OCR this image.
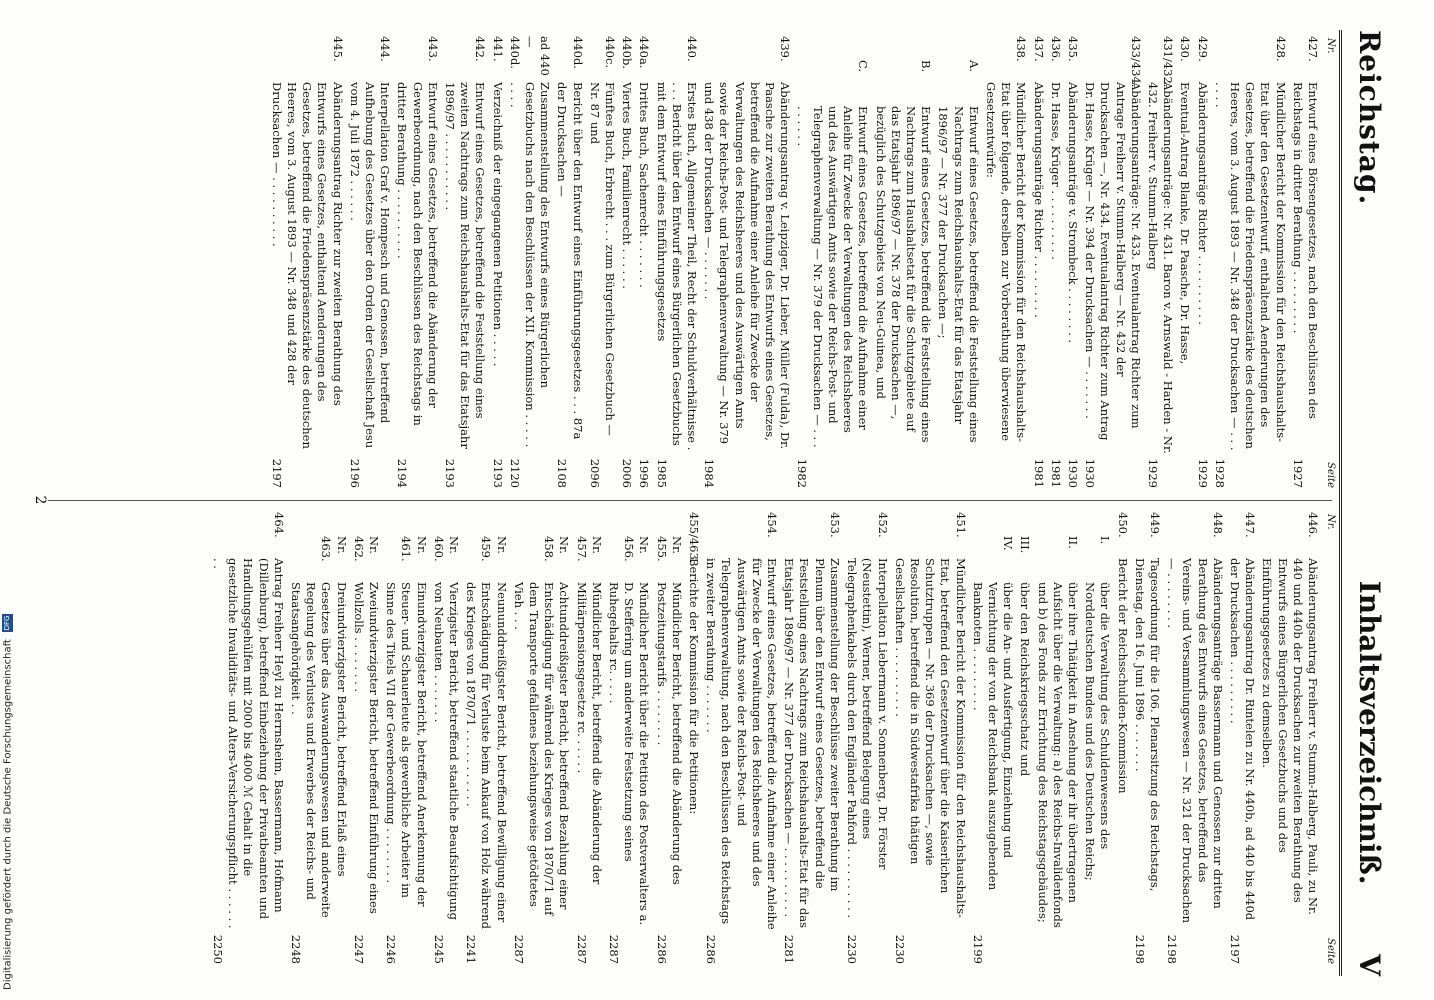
Reichstag.
Inhaltsverzeichniß. V
Nr.
Seite
427.
Entwurf eines Börsengesetzes, nach den Beschlüssen des Reichstags in dritter Berathung . . . . . . . . .
1927
428.
Mündlicher Bericht der Kommission für den Reichshaushalts-Etat über den Gesetzentwurf, enthaltend Aenderungen des Gesetzes, betreffend die Friedenspräsenzstärke des deutschen Heeres, vom 3. August 1893 — Nr. 348 der Drucksachen — . . . . . . .
1928
429.
Abänderungsanträge Richter . . . . . . . . . .
1929
430.
Eventual-Antrag Blanke, Dr. Paasche, Dr. Hasse,
431/432.
Abänderungsanträge: Nr. 431. Baron v. Arnswald - Harden - Nr. 432. Freiherr v. Stumm-Halberg
1929
433/434.
Abänderungsanträge: Nr. 433. Eventualantrag Richter zum Antrage Freiherr v. Stumm-Halberg — Nr. 432 der Drucksachen —, Nr. 434. Eventualantrag Richter zum Antrag Dr. Hasse, Krüger — Nr. 394 der Drucksachen — . . . . . . .
1930
435.
Abänderungsanträge v. Strombeck . . . . . . . .
1930
436.
Dr. Hasse, Krüger . . . . . . . . . .
1981
437.
Abänderungsanträge Richter . . . . . . . . .
1981
438.
Mündlicher Bericht der Kommission für den Reichshaushalts-Etat über folgende, derselben zur Vorberathung überwiesene Gesetzentwürfe:
A.
Entwurf eines Gesetzes, betreffend die Feststellung eines Nachtrags zum Reichshaushalts-Etat für das Etatsjahr 1896/97 — Nr. 377 der Drucksachen —;
B.
Entwurf eines Gesetzes, betreffend die Feststellung eines Nachtrags zum Haushaltsetat für die Schutzgebiete auf das Etatsjahr 1896/97 — Nr. 378 der Drucksachen —, bezüglich des Schutzgebiets von Neu-Guinea, und
C.
Entwurf eines Gesetzes, betreffend die Aufnahme einer Anleihe für Zwecke der Verwaltungen des Reichsheeres und des Auswärtigen Amts sowie der Reichs-Post- und Telegraphenverwaltung — Nr. 379 der Drucksachen — . . . . . . . . .
1982
439.
Abänderungsantrag v. Leipziger, Dr. Lieber, Müller (Fulda), Dr. Paasche zur zweiten Berathung des Entwurfs eines Gesetzes, betreffend die Aufnahme einer Anleihe für Zwecke der Verwaltungen des Reichsheeres und des Auswärtigen Amts sowie der Reichs-Post- und Telegraphenverwaltung — Nr. 379 und 438 der Drucksachen — . . . . . . .
1984
440.
Erstes Buch, Allgemeiner Theil, Recht der Schuldverhältnisse . . . . Bericht über den Entwurf eines Bürgerlichen Gesetzbuchs mit dem Entwurf eines Einführungsgesetzes
1985
440a.
Drittes Buch, Sachenrecht . . . . . . .
1996
440b.
Viertes Buch, Familienrecht . . . . . .
2006
440c.
Fünftes Buch, Erbrecht . . . zum Bürgerlichen Gesetzbuch — Nr. 87 und
2096
440d.
Bericht über den Entwurf eines Einführungsgesetzes . . . 87a der Drucksachen —
2108
ad 440—440d.
Zusammenstellung des Entwurfs eines Bürgerlichen Gesetzbuchs nach den Beschlüssen der XII. Kommission . . . . . . . . .
2120
441.
Verzeichniß der eingegangenen Petitionen . . . . .
2193
442.
Entwurf eines Gesetzes, betreffend die Feststellung eines zweiten Nachtrags zum Reichshaushalts-Etat für das Etatsjahr 1896/97 . . . . . . . . . . .
2193
443.
Entwurf eines Gesetzes, betreffend die Abänderung der Gewerbeordnung, nach den Beschlüssen des Reichstags in dritter Berathung . . . . . . . . . .
2194
444.
Interpellation Graf v. Hompesch und Genossen, betreffend Aufhebung des Gesetzes über den Orden der Gesellschaft Jesu vom 4. Juli 1872 . . . . . .
2196
445.
Abänderungsantrag Richter zur zweiten Berathung des Entwurfs eines Gesetzes, enthaltend Aenderungen des Gesetzes, betreffend die Friedenspräsenzstärke des deutschen Heeres, vom 3. August 1893 — Nr. 348 und 428 der Drucksachen — . . . . . . . . . .
2197
Nr.
Seite
446.
Abänderungsantrag Freiherr v. Stumm-Halberg, Pauli, zu Nr. 440 und 440b der Drucksachen zur zweiten Berathung des Entwurfs eines Bürgerlichen Gesetzbuchs und des Einführungsgesetzes zu demselben.
447.
Abänderungsantrag Dr. Rintelen zu Nr. 440b, ad 440 bis 440d der Drucksachen . . . . . . . . .
2197
448.
Abänderungsanträge Bassermann und Genossen zur dritten Berathung des Entwurfs eines Gesetzes, betreffend das Vereins- und Versammlungswesen — Nr. 321 der Drucksachen — . . . . . . . .
2198
449.
Tagesordnung für die 106. Plenarsitzung des Reichstags, Dienstag, den 16. Juni 1896 . . . . . . .
2198
450.
Bericht der Reichsschulden-Kommission
I.
über die Verwaltung des Schuldenwesens des Norddeutschen Bundes und des Deutschen Reichs;
II.
über ihre Thätigkeit in Ansehung der ihr übertragenen Aufsicht über die Verwaltung: a) des Reichs-Invalidenfonds und b) des Fonds zur Errichtung des Reichstagsgebäudes;
III.
über den Reichskriegsschatz und
IV.
über die An- und Ausfertigung, Einziehung und Vernichtung der von der Reichsbank auszugebenden Banknoten . . . . . . . . .
2199
451.
Mündlicher Bericht der Kommission für den Reichshaushalts-Etat, betreffend den Gesetzentwurf über die Kaiserlichen Schutztruppen — Nr. 369 der Drucksachen —, sowie Resolution, betreffend die in Südwestafrika thätigen Gesellschaften . . . . . . . . . .
2230
452.
Interpellation Liebermann v. Sonnenberg, Dr. Förster (Neustettin), Werner, betreffend Belegung eines Telegraphenkabels durch den Engländer Pahford . . . . . . . . . .
2230
453.
Zusammenstellung der Beschlüsse zweiter Berathung im Plenum über den Entwurf eines Gesetzes, betreffend die Feststellung eines Nachtrags zum Reichshaushalts-Etat für das Etatsjahr 1896/97 — Nr. 377 der Drucksachen — . . . . . . . . . .
2281
454.
Entwurf eines Gesetzes, betreffend die Aufnahme einer Anleihe für Zwecke der Verwaltungen des Reichsheeres und des Auswärtigen Amts sowie der Reichs-Post- und Telegraphenverwaltung, nach den Beschlüssen des Reichstags in zweiter Berathung . . . . . . .
2286
455/463.
Berichte der Kommission für die Petitionen:
Nr. 455.
Mündlicher Bericht, betreffend die Abänderung des Postzeitungstarifs . . . . . . . .
2286
Nr. 456.
Mündlicher Bericht über die Petition des Postverwalters a. D. Steffering um anderweite Festsetzung seines Ruhegehalts rc. . . . .
2287
Nr. 457.
Mündlicher Bericht, betreffend die Abänderung der Militärpensionsgesetze rc. . . . . .
2287
Nr. 458.
Achtunddreißigster Bericht, betreffend Bezahlung einer Entschädigung für während des Krieges von 1870/71 auf dem Transporte gefallenes beziehungsweise getödtetes Vieh . . .
2287
Nr. 459.
Neununddreißigster Bericht, betreffend Bewilligung einer Entschädigung für Verluste beim Ankauf von Holz während des Krieges von 1870/71 . . . . . . . . . . .
2241
Nr. 460.
Vierzigster Bericht, betreffend staatliche Beaufsichtigung von Neubauten . . . . . . .
2245
Nr. 461.
Einundvierzigster Bericht, betreffend Anerkennung der Steuer- und Schauerleute als gewerbliche Arbeiter im Sinne des Titels VII der Gewerbeordnung . . . . . . . .
2246
Nr. 462.
Zweiundvierzigster Bericht, betreffend Einführung eines Wollzolls . . . . . . . .
2247
Nr. 463.
Dreiundvierzigster Bericht, betreffend Erlaß eines Gesetzes über das Auswanderungswesen und anderweite Regelung des Verlustes und Erwerbes der Reichs- und Staatsangehörigkeit . .
2248
464.
Antrag Freiherr Heyl zu Herrnsheim, Bassermann, Hofmann (Dillenburg), betreffend Einbeziehung der Privatbeamten und Handlungsgehülfen mit 2000 bis 4000 ℳ Gehalt in die gesetzliche Invaliditäts- und Alters-Versicherungspflicht . . . . . . . .
2250
2
Digitalisierung gefördert durch die Deutsche Forschungsgemeinschaft DFG
